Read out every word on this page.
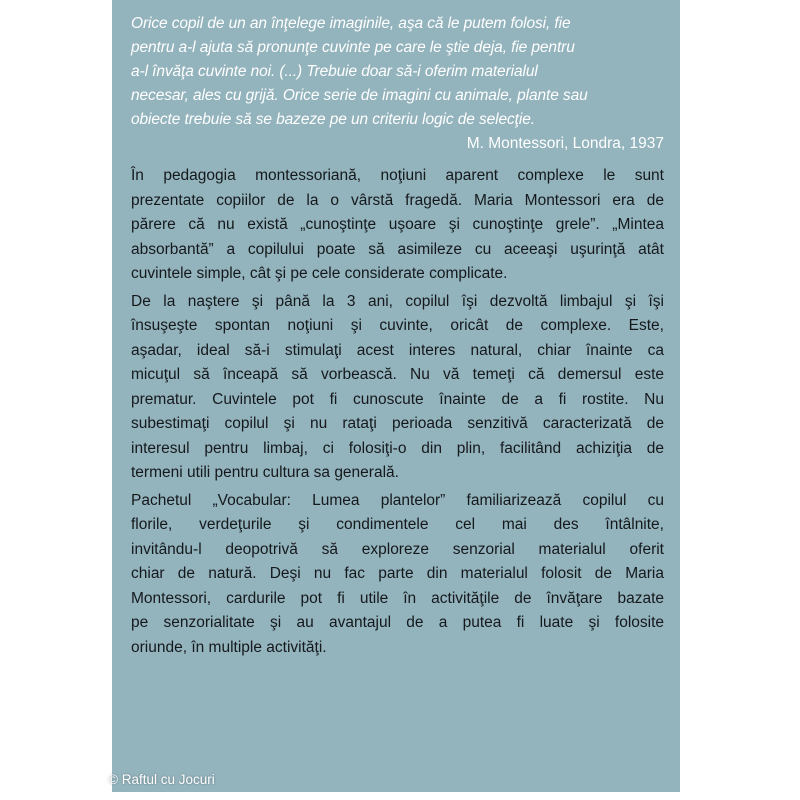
Orice copil de un an înţelege imaginile, aşa că le putem folosi, fie
pentru a-l ajuta să pronunţe cuvinte pe care le ştie deja, fie pentru
a-l învăţa cuvinte noi. (...) Trebuie doar să-i oferim materialul
necesar, ales cu grijă. Orice serie de imagini cu animale, plante sau
obiecte trebuie să se bazeze pe un criteriu logic de selecţie.
M. Montessori, Londra, 1937
În pedagogia montessoriană, noţiuni aparent complexe le sunt
prezentate copiilor de la o vârstă fragedă. Maria Montessori era de
părere că nu există „cunoştinţe uşoare şi cunoştinţe grele”. „Mintea
absorbantă” a copilului poate să asimileze cu aceeaşi uşurinţă atât
cuvintele simple, cât şi pe cele considerate complicate.
De la naştere şi până la 3 ani, copilul îşi dezvoltă limbajul şi îşi
însuşeşte spontan noţiuni şi cuvinte, oricât de complexe. Este,
aşadar, ideal să-i stimulaţi acest interes natural, chiar înainte ca
micuţul să înceapă să vorbească. Nu vă temeţi că demersul este
prematur. Cuvintele pot fi cunoscute înainte de a fi rostite. Nu
subestimaţi copilul şi nu rataţi perioada senzitivă caracterizată de
interesul pentru limbaj, ci folosiţi-o din plin, facilitând achiziţia de
termeni utili pentru cultura sa generală.
Pachetul „Vocabular: Lumea plantelor” familiarizează copilul cu
florile, verdeţurile şi condimentele cel mai des întâlnite,
invitându-l deopotrivă să exploreze senzorial materialul oferit
chiar de natură. Deşi nu fac parte din materialul folosit de Maria
Montessori, cardurile pot fi utile în activităţile de învăţare bazate
pe senzorialitate şi au avantajul de a putea fi luate şi folosite
oriunde, în multiple activităţi.
© Raftul cu Jocuri
